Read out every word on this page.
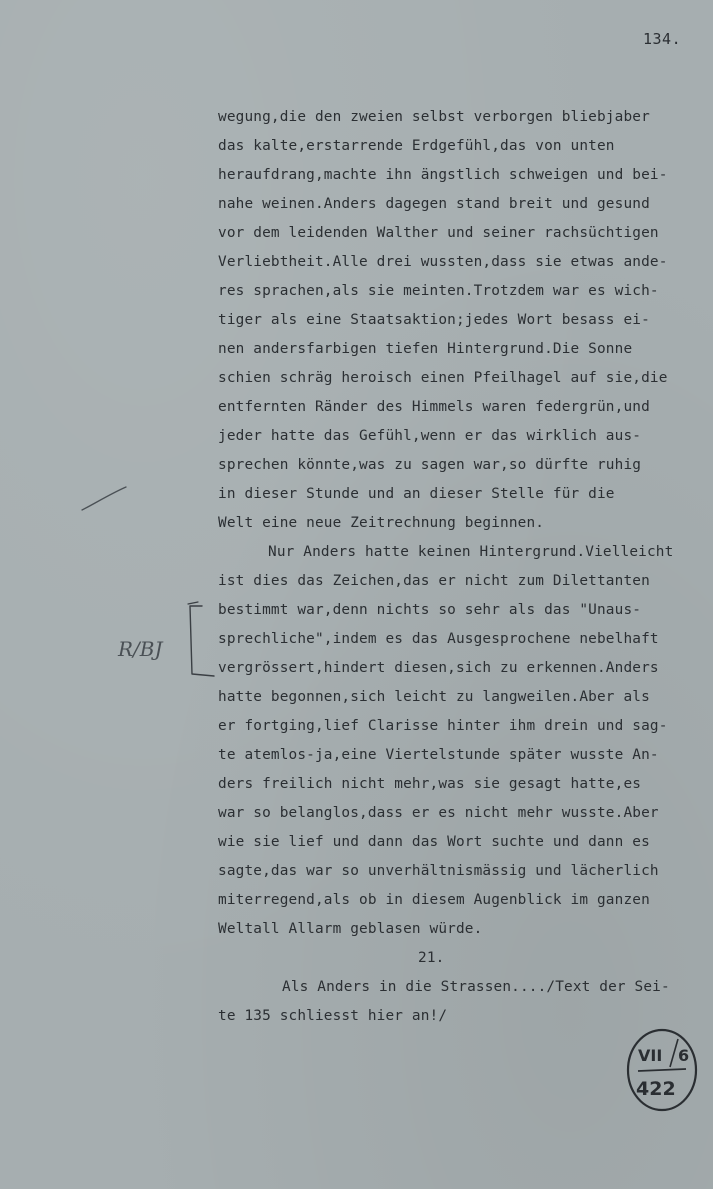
134.
wegung,die den zweien selbst verborgen bliebjaber
das kalte,erstarrende Erdgefühl,das von unten
heraufdrang,machte ihn ängstlich schweigen und bei-
nahe weinen.Anders dagegen stand breit und gesund
vor dem leidenden Walther und seiner rachsüchtigen
Verliebtheit.Alle drei wussten,dass sie etwas ande-
res sprachen,als sie meinten.Trotzdem war es wich-
tiger als eine Staatsaktion;jedes Wort besass ei-
nen andersfarbigen tiefen Hintergrund.Die Sonne
schien schräg heroisch einen Pfeilhagel auf sie,die
entfernten Ränder des Himmels waren federgrün,und
jeder hatte das Gefühl,wenn er das wirklich aus-
sprechen könnte,was zu sagen war,so dürfte ruhig
in dieser Stunde und an dieser Stelle für die
Welt eine neue Zeitrechnung beginnen.
Nur Anders hatte keinen Hintergrund.Vielleicht
ist dies das Zeichen,das er nicht zum Dilettanten
bestimmt war,denn nichts so sehr als das "Unaus-
sprechliche",indem es das Ausgesprochene nebelhaft
vergrössert,hindert diesen,sich zu erkennen.Anders
hatte begonnen,sich leicht zu langweilen.Aber als
er fortging,lief Clarisse hinter ihm drein und sag-
te atemlos-ja,eine Viertelstunde später wusste An-
ders freilich nicht mehr,was sie gesagt hatte,es
war so belanglos,dass er es nicht mehr wusste.Aber
wie sie lief und dann das Wort suchte und dann es
sagte,das war so unverhältnismässig und lächerlich
miterregend,als ob in diesem Augenblick im ganzen
Weltall Allarm geblasen würde.
21.
Als Anders in die Strassen..../Text der Sei-
te 135 schliesst hier an!/
R/BJ
VII 6
422
